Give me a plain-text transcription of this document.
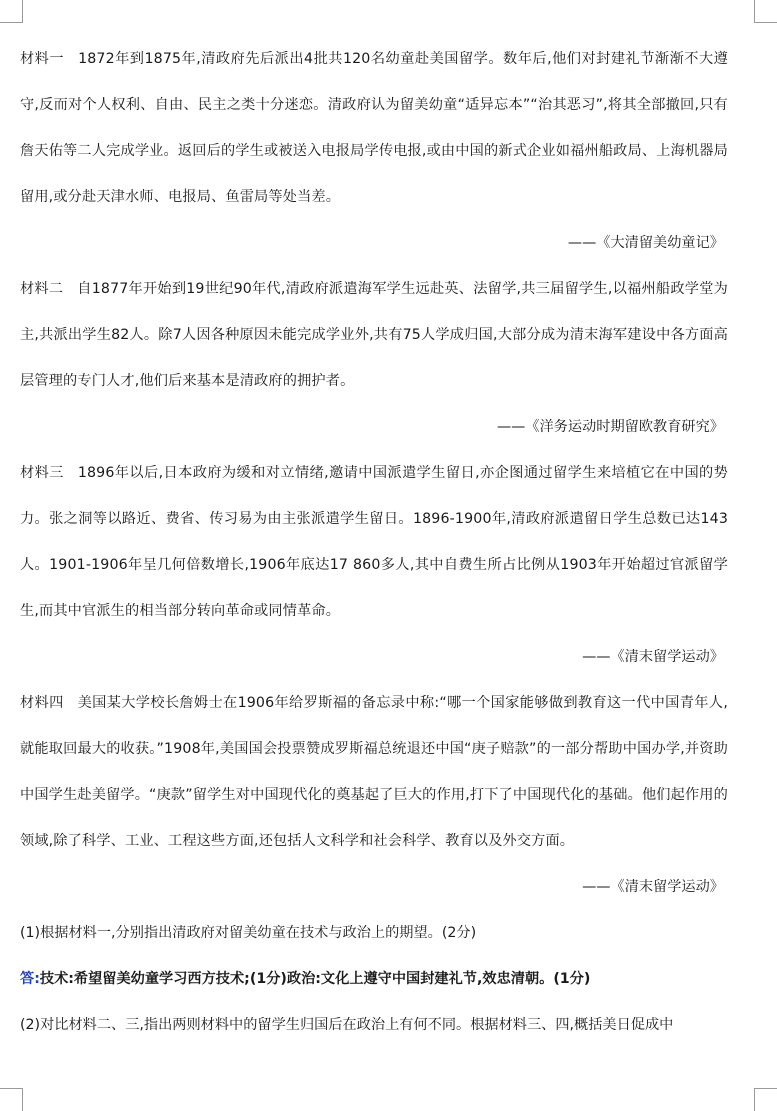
材料一 1872年到1875年,清政府先后派出4批共120名幼童赴美国留学。数年后,他们对封建礼节渐渐不大遵守,反而对个人权利、自由、民主之类十分迷恋。清政府认为留美幼童“适异忘本”“治其恶习”,将其全部撤回,只有詹天佑等二人完成学业。返回后的学生或被送入电报局学传电报,或由中国的新式企业如福州船政局、上海机器局留用,或分赴天津水师、电报局、鱼雷局等处当差。

——《大清留美幼童记》

材料二 自1877年开始到19世纪90年代,清政府派遣海军学生远赴英、法留学,共三届留学生,以福州船政学堂为主,共派出学生82人。除7人因各种原因未能完成学业外,共有75人学成归国,大部分成为清末海军建设中各方面高层管理的专门人才,他们后来基本是清政府的拥护者。

——《洋务运动时期留欧教育研究》

材料三 1896年以后,日本政府为缓和对立情绪,邀请中国派遣学生留日,亦企图通过留学生来培植它在中国的势力。张之洞等以路近、费省、传习易为由主张派遣学生留日。1896-1900年,清政府派遣留日学生总数已达143人。1901-1906年呈几何倍数增长,1906年底达17 860多人,其中自费生所占比例从1903年开始超过官派留学生,而其中官派生的相当部分转向革命或同情革命。

——《清末留学运动》

材料四 美国某大学校长詹姆士在1906年给罗斯福的备忘录中称:“哪一个国家能够做到教育这一代中国青年人,就能取回最大的收获。”1908年,美国国会投票赞成罗斯福总统退还中国“庚子赔款”的一部分帮助中国办学,并资助中国学生赴美留学。“庚款”留学生对中国现代化的奠基起了巨大的作用,打下了中国现代化的基础。他们起作用的领域,除了科学、工业、工程这些方面,还包括人文科学和社会科学、教育以及外交方面。

——《清末留学运动》

(1)根据材料一,分别指出清政府对留美幼童在技术与政治上的期望。(2分)

答:技术:希望留美幼童学习西方技术;(1分)政治:文化上遵守中国封建礼节,效忠清朝。(1分)

(2)对比材料二、三,指出两则材料中的留学生归国后在政治上有何不同。根据材料三、四,概括美日促成中
